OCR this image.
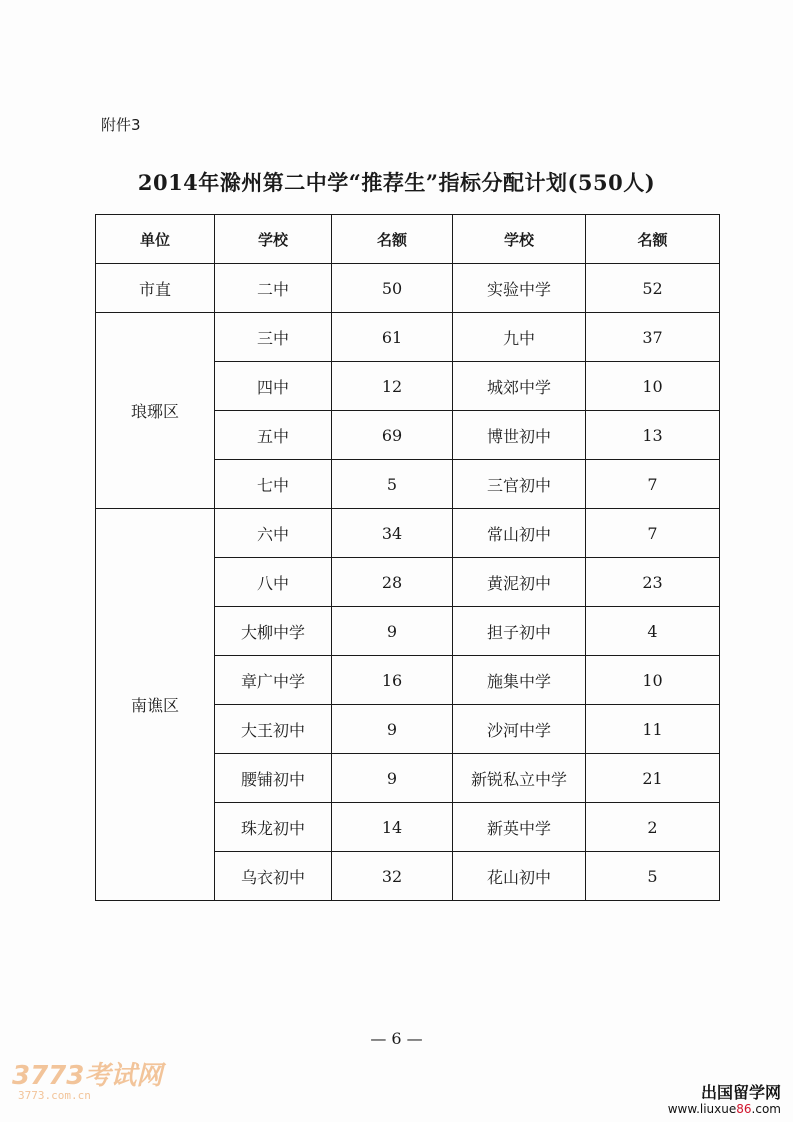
附件3
2014年滁州第二中学“推荐生”指标分配计划(550人)
单位	学校	名额	学校	名额
市直	二中	50	实验中学	52
琅琊区	三中	61	九中	37
	四中	12	城郊中学	10
	五中	69	博世初中	13
	七中	5	三官初中	7
南谯区	六中	34	常山初中	7
	八中	28	黄泥初中	23
	大柳中学	9	担子初中	4
	章广中学	16	施集中学	10
	大王初中	9	沙河中学	11
	腰铺初中	9	新锐私立中学	21
	珠龙初中	14	新英中学	2
	乌衣初中	32	花山初中	5
— 6 —
3773考试网
3773.com.cn	出国留学网
www.liuxue86.com
